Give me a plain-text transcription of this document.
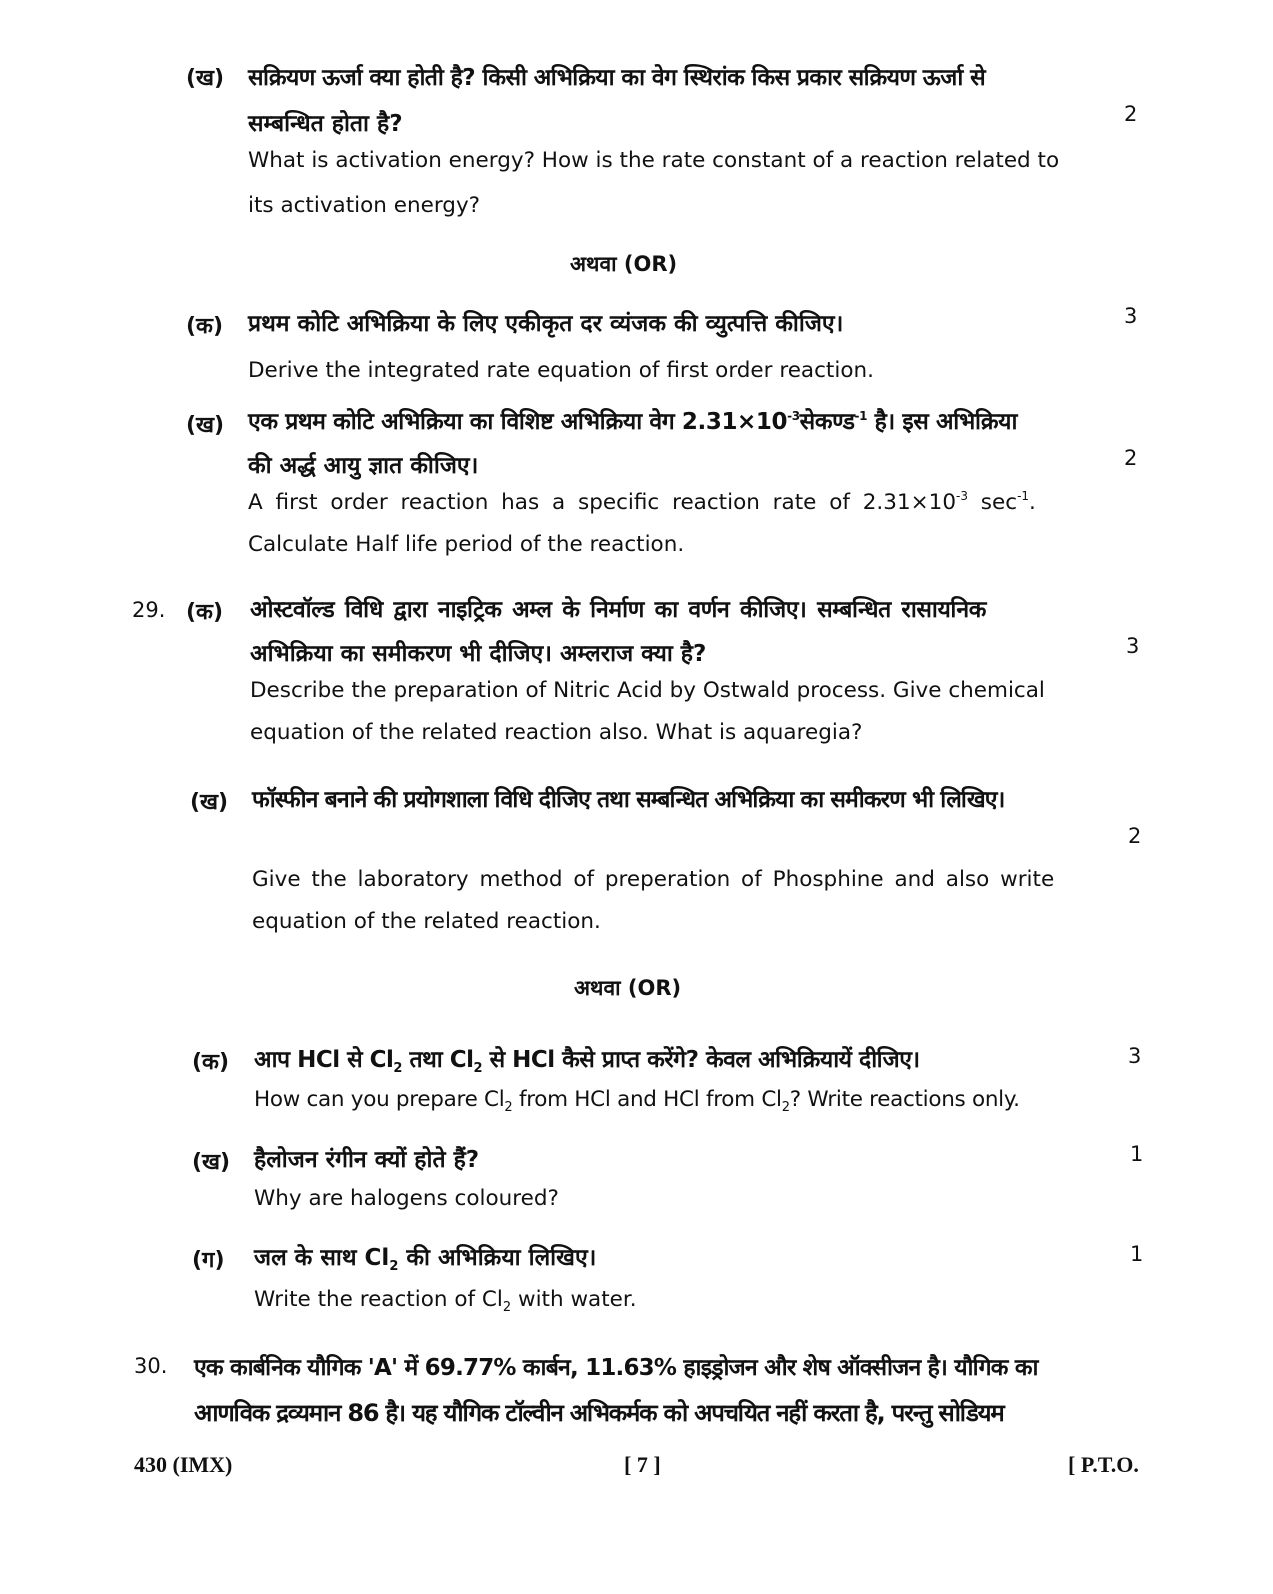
(ख) सक्रियण ऊर्जा क्या होती है? किसी अभिक्रिया का वेग स्थिरांक किस प्रकार सक्रियण ऊर्जा से
सम्बन्धित होता है?	2
What is activation energy? How is the rate constant of a reaction related to
its activation energy?
अथवा (OR)
(क) प्रथम कोटि अभिक्रिया के लिए एकीकृत दर व्यंजक की व्युत्पत्ति कीजिए।	3
Derive the integrated rate equation of first order reaction.
(ख) एक प्रथम कोटि अभिक्रिया का विशिष्ट अभिक्रिया वेग $2.31\times 10^{-3}सेकण्ड^{-1}$ है। इस अभिक्रिया
की अर्द्ध आयु ज्ञात कीजिए।	2
A first order reaction has a specific reaction rate of $2.31\times 10^{-3}$ $\sec^{-1}$.
Calculate Half life period of the reaction.
29. (क) ओस्टवॉल्ड विधि द्वारा नाइट्रिक अम्ल के निर्माण का वर्णन कीजिए। सम्बन्धित रासायनिक
अभिक्रिया का समीकरण भी दीजिए। अम्लराज क्या है?	3
Describe the preparation of Nitric Acid by Ostwald process. Give chemical
equation of the related reaction also. What is aquaregia?
(ख) फॉस्फीन बनाने की प्रयोगशाला विधि दीजिए तथा सम्बन्धित अभिक्रिया का समीकरण भी लिखिए।
2
Give the laboratory method of preperation of Phosphine and also write
equation of the related reaction.
अथवा (OR)
(क) आप HCl से $Cl_2$ तथा $Cl_2$ से HCl कैसे प्राप्त करेंगे? केवल अभिक्रियायें दीजिए।	3
How can you prepare $Cl_2$ from HCl and HCl from $Cl_2$? Write reactions only.
(ख) हैलोजन रंगीन क्यों होते हैं?	1
Why are halogens coloured?
(ग) जल के साथ $Cl_2$ की अभिक्रिया लिखिए।	1
Write the reaction of $Cl_2$ with water.
30. एक कार्बनिक यौगिक 'A' में 69.77% कार्बन, 11.63% हाइड्रोजन और शेष ऑक्सीजन है। यौगिक का
आणविक द्रव्यमान 86 है। यह यौगिक टॉल्वीन अभिकर्मक को अपचयित नहीं करता है, परन्तु सोडियम
430 (IMX)	[ 7 ]	[ P.T.O.
